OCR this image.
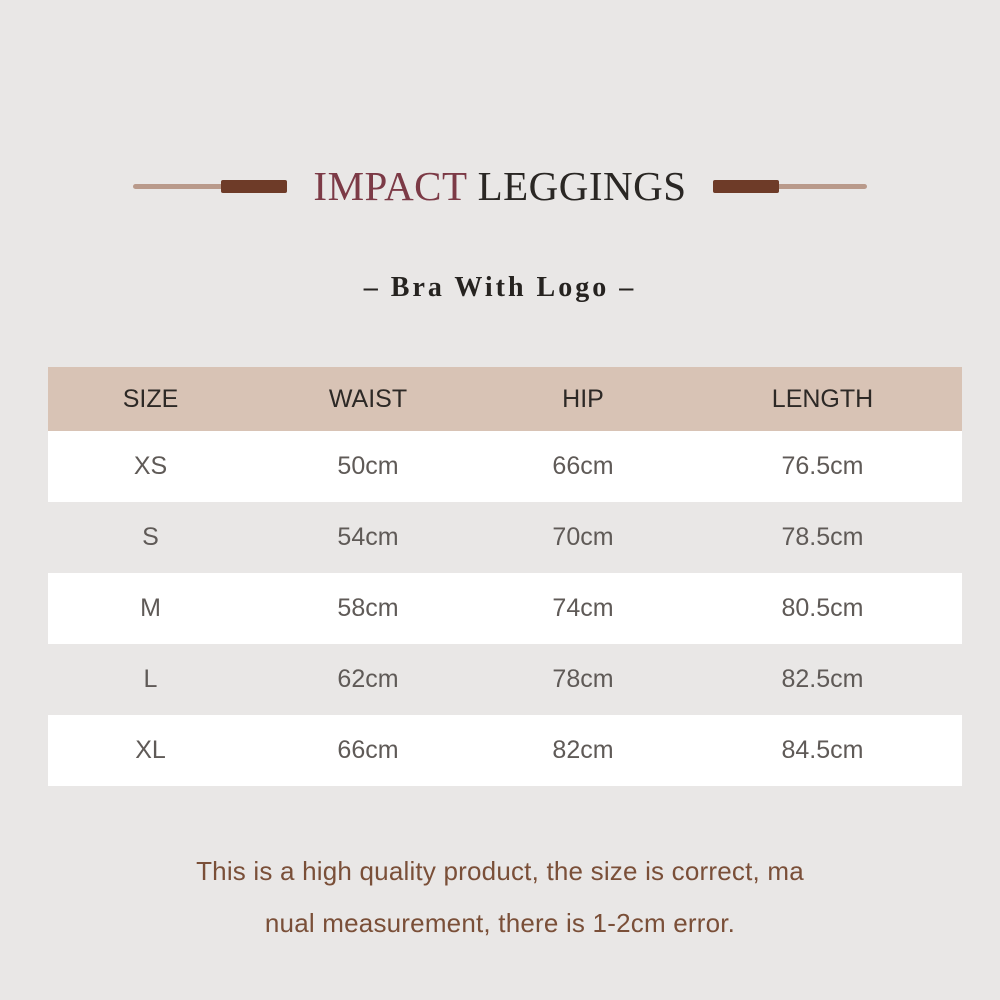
IMPACT LEGGINGS
– Bra With Logo –
SIZE	WAIST	HIP	LENGTH
XS	50cm	66cm	76.5cm
S	54cm	70cm	78.5cm
M	58cm	74cm	80.5cm
L	62cm	78cm	82.5cm
XL	66cm	82cm	84.5cm
This is a high quality product, the size is correct, ma
nual measurement, there is 1-2cm error.
